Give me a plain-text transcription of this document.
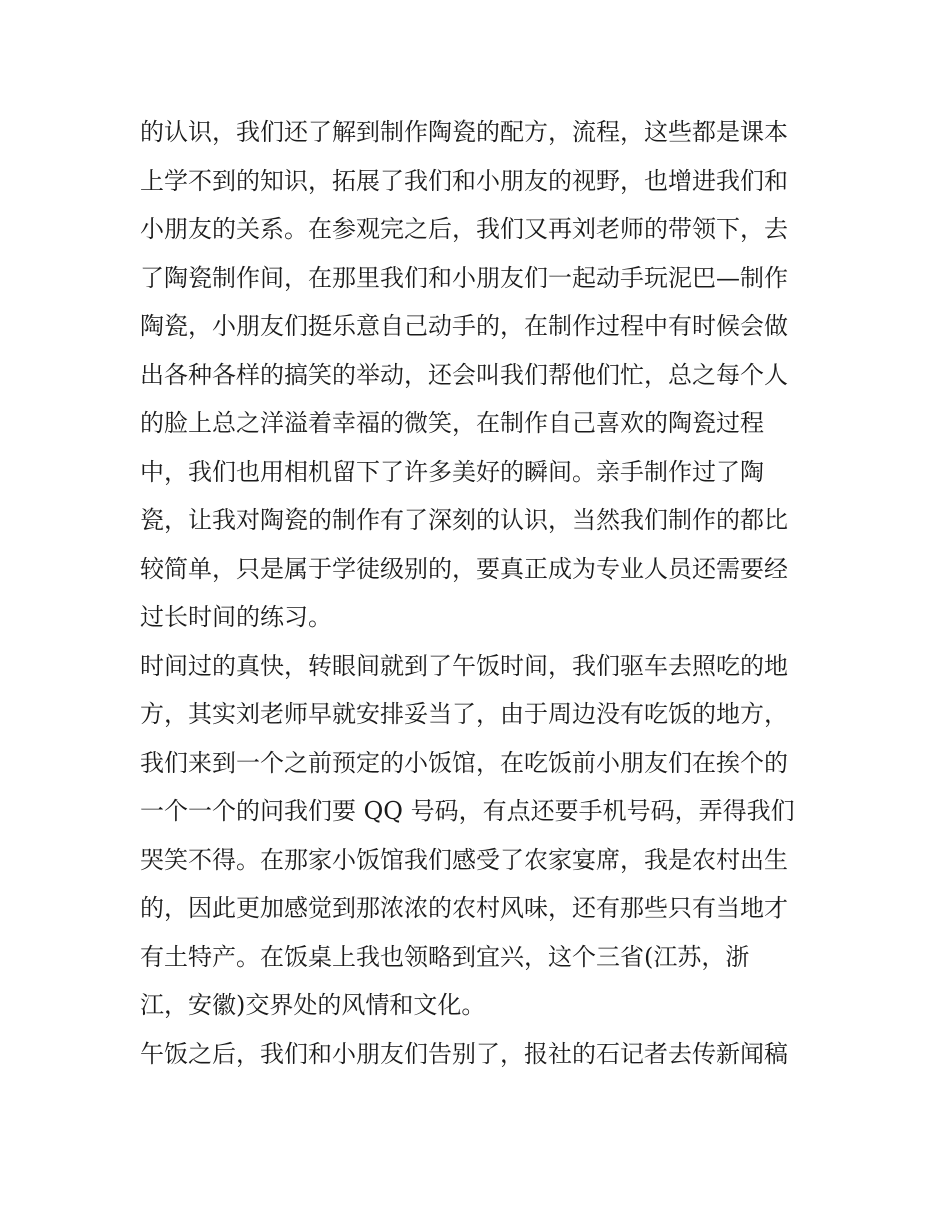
的认识，我们还了解到制作陶瓷的配方，流程，这些都是课本
上学不到的知识，拓展了我们和小朋友的视野，也增进我们和
小朋友的关系。在参观完之后，我们又再刘老师的带领下，去
了陶瓷制作间，在那里我们和小朋友们一起动手玩泥巴—制作
陶瓷，小朋友们挺乐意自己动手的，在制作过程中有时候会做
出各种各样的搞笑的举动，还会叫我们帮他们忙，总之每个人
的脸上总之洋溢着幸福的微笑，在制作自己喜欢的陶瓷过程
中，我们也用相机留下了许多美好的瞬间。亲手制作过了陶
瓷，让我对陶瓷的制作有了深刻的认识，当然我们制作的都比
较简单，只是属于学徒级别的，要真正成为专业人员还需要经
过长时间的练习。
时间过的真快，转眼间就到了午饭时间，我们驱车去照吃的地
方，其实刘老师早就安排妥当了，由于周边没有吃饭的地方，
我们来到一个之前预定的小饭馆，在吃饭前小朋友们在挨个的
一个一个的问我们要 QQ 号码，有点还要手机号码，弄得我们
哭笑不得。在那家小饭馆我们感受了农家宴席，我是农村出生
的，因此更加感觉到那浓浓的农村风味，还有那些只有当地才
有土特产。在饭桌上我也领略到宜兴，这个三省(江苏，浙
江，安徽)交界处的风情和文化。
午饭之后，我们和小朋友们告别了，报社的石记者去传新闻稿
